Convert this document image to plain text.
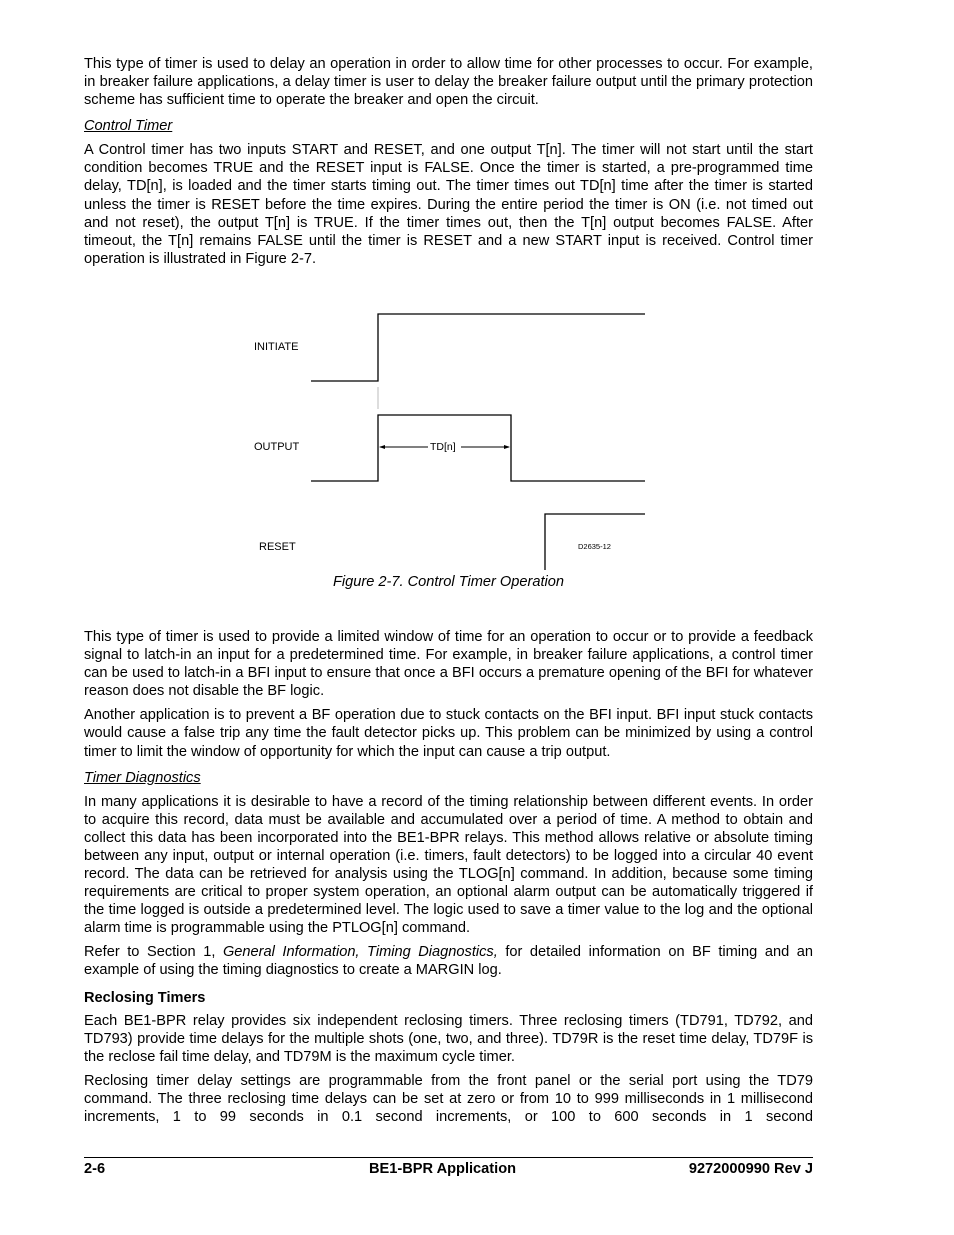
This type of timer is used to delay an operation in order to allow time for other processes to occur. For example, in breaker failure applications, a delay timer is user to delay the breaker failure output until the primary protection scheme has sufficient time to operate the breaker and open the circuit.

Control Timer

A Control timer has two inputs START and RESET, and one output T[n]. The timer will not start until the start condition becomes TRUE and the RESET input is FALSE. Once the timer is started, a pre-programmed time delay, TD[n], is loaded and the timer starts timing out. The timer times out TD[n] time after the timer is started unless the timer is RESET before the time expires. During the entire period the timer is ON (i.e. not timed out and not reset), the output T[n] is TRUE. If the timer times out, then the T[n] output becomes FALSE. After timeout, the T[n] remains FALSE until the timer is RESET and a new START input is received. Control timer operation is illustrated in Figure 2-7.

INITIATE
OUTPUT
RESET
TD[n]
D2635-12
Figure 2-7. Control Timer Operation

This type of timer is used to provide a limited window of time for an operation to occur or to provide a feedback signal to latch-in an input for a predetermined time. For example, in breaker failure applications, a control timer can be used to latch-in a BFI input to ensure that once a BFI occurs a premature opening of the BFI for whatever reason does not disable the BF logic.

Another application is to prevent a BF operation due to stuck contacts on the BFI input. BFI input stuck contacts would cause a false trip any time the fault detector picks up. This problem can be minimized by using a control timer to limit the window of opportunity for which the input can cause a trip output.

Timer Diagnostics

In many applications it is desirable to have a record of the timing relationship between different events. In order to acquire this record, data must be available and accumulated over a period of time. A method to obtain and collect this data has been incorporated into the BE1-BPR relays. This method allows relative or absolute timing between any input, output or internal operation (i.e. timers, fault detectors) to be logged into a circular 40 event record. The data can be retrieved for analysis using the TLOG[n] command. In addition, because some timing requirements are critical to proper system operation, an optional alarm output can be automatically triggered if the time logged is outside a predetermined level. The logic used to save a timer value to the log and the optional alarm time is programmable using the PTLOG[n] command.

Refer to Section 1, General Information, Timing Diagnostics, for detailed information on BF timing and an example of using the timing diagnostics to create a MARGIN log.

Reclosing Timers

Each BE1-BPR relay provides six independent reclosing timers. Three reclosing timers (TD791, TD792, and TD793) provide time delays for the multiple shots (one, two, and three). TD79R is the reset time delay, TD79F is the reclose fail time delay, and TD79M is the maximum cycle timer.

Reclosing timer delay settings are programmable from the front panel or the serial port using the TD79 command. The three reclosing time delays can be set at zero or from 10 to 999 milliseconds in 1 millisecond increments, 1 to 99 seconds in 0.1 second increments, or 100 to 600 seconds in 1 second

2-6	BE1-BPR Application	9272000990 Rev J
